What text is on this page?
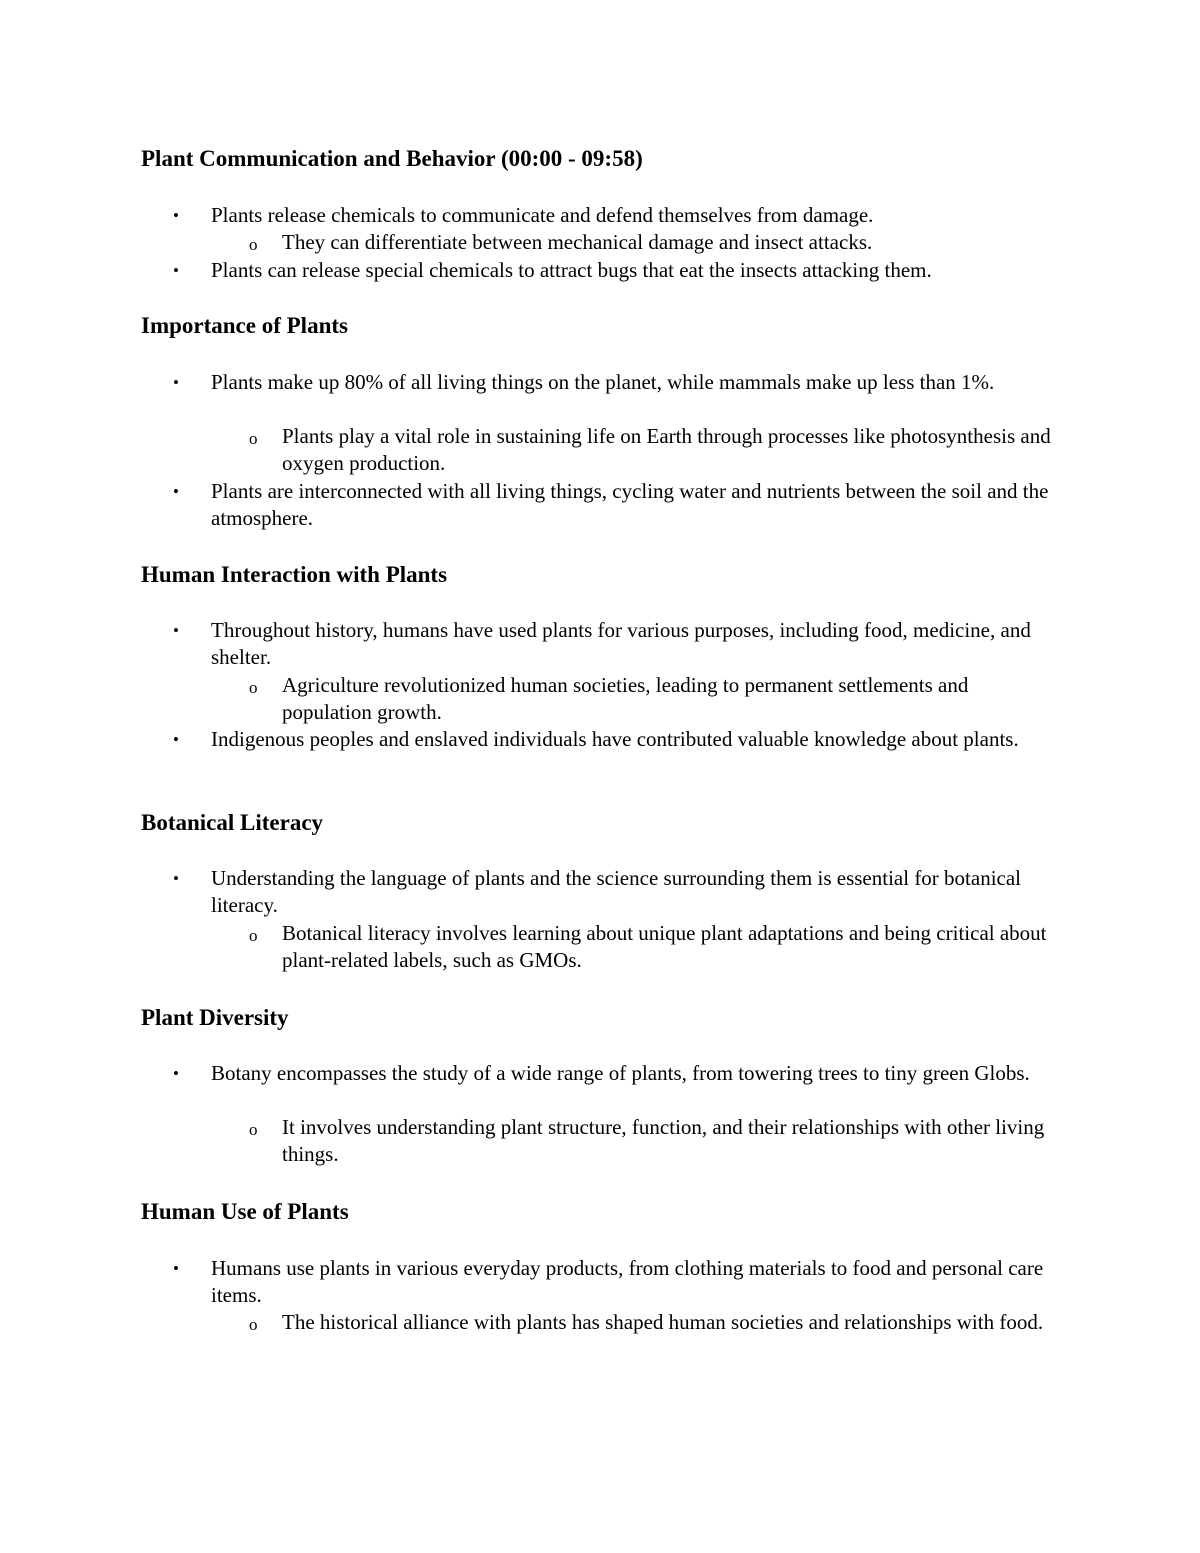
Plant Communication and Behavior (00:00 - 09:58)
•	Plants release chemicals to communicate and defend themselves from damage.
o	They can differentiate between mechanical damage and insect attacks.
•	Plants can release special chemicals to attract bugs that eat the insects attacking them.
Importance of Plants
•	Plants make up 80% of all living things on the planet, while mammals make up less than 1%.
o	Plants play a vital role in sustaining life on Earth through processes like photosynthesis and oxygen production.
•	Plants are interconnected with all living things, cycling water and nutrients between the soil and the atmosphere.
Human Interaction with Plants
•	Throughout history, humans have used plants for various purposes, including food, medicine, and shelter.
o	Agriculture revolutionized human societies, leading to permanent settlements and population growth.
•	Indigenous peoples and enslaved individuals have contributed valuable knowledge about plants.
Botanical Literacy
•	Understanding the language of plants and the science surrounding them is essential for botanical literacy.
o	Botanical literacy involves learning about unique plant adaptations and being critical about plant-related labels, such as GMOs.
Plant Diversity
•	Botany encompasses the study of a wide range of plants, from towering trees to tiny green Globs.
o	It involves understanding plant structure, function, and their relationships with other living things.
Human Use of Plants
•	Humans use plants in various everyday products, from clothing materials to food and personal care items.
o	The historical alliance with plants has shaped human societies and relationships with food.
